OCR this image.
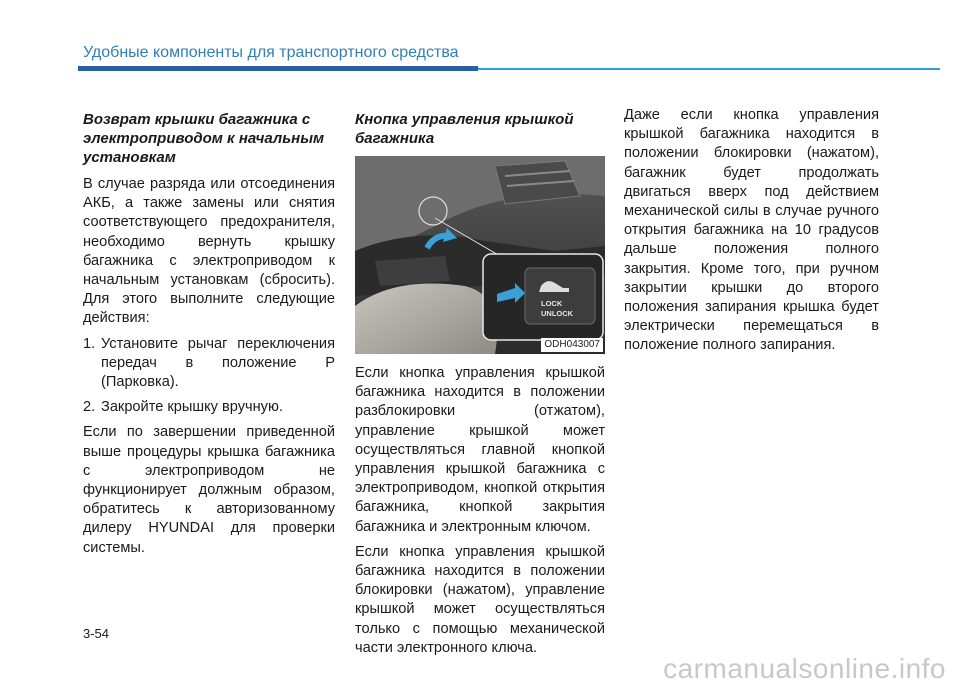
Удобные компоненты для транспортного средства
Возврат крышки багажника с электроприводом к начальным установкам

В случае разряда или отсоединения АКБ, а также замены или снятия соответствующего предохранителя, необходимо вернуть крышку багажника с электроприводом к начальным установкам (сбросить). Для этого выполните следующие действия:

1. Установите рычаг переключения передач в положение Р (Парковка).
2. Закройте крышку вручную.

Если по завершении приведенной выше процедуры крышка багажника с электроприводом не функционирует должным образом, обратитесь к авторизованному дилеру HYUNDAI для проверки системы.

Кнопка управления крышкой багажника
LOCK
UNLOCK
ODH043007

Если кнопка управления крышкой багажника находится в положении разблокировки (отжатом), управление крышкой может осуществляться главной кнопкой управления крышкой багажника с электроприводом, кнопкой открытия багажника, кнопкой закрытия багажника и электронным ключом.

Если кнопка управления крышкой багажника находится в положении блокировки (нажатом), управление крышкой может осуществляться только с помощью механической части электронного ключа.

Даже если кнопка управления крышкой багажника находится в положении блокировки (нажатом), багажник будет продолжать двигаться вверх под действием механической силы в случае ручного открытия багажника на 10 градусов дальше положения полного закрытия. Кроме того, при ручном закрытии крышки до второго положения запирания крышка будет электрически перемещаться в положение полного запирания.

3-54
carmanualsonline.info
